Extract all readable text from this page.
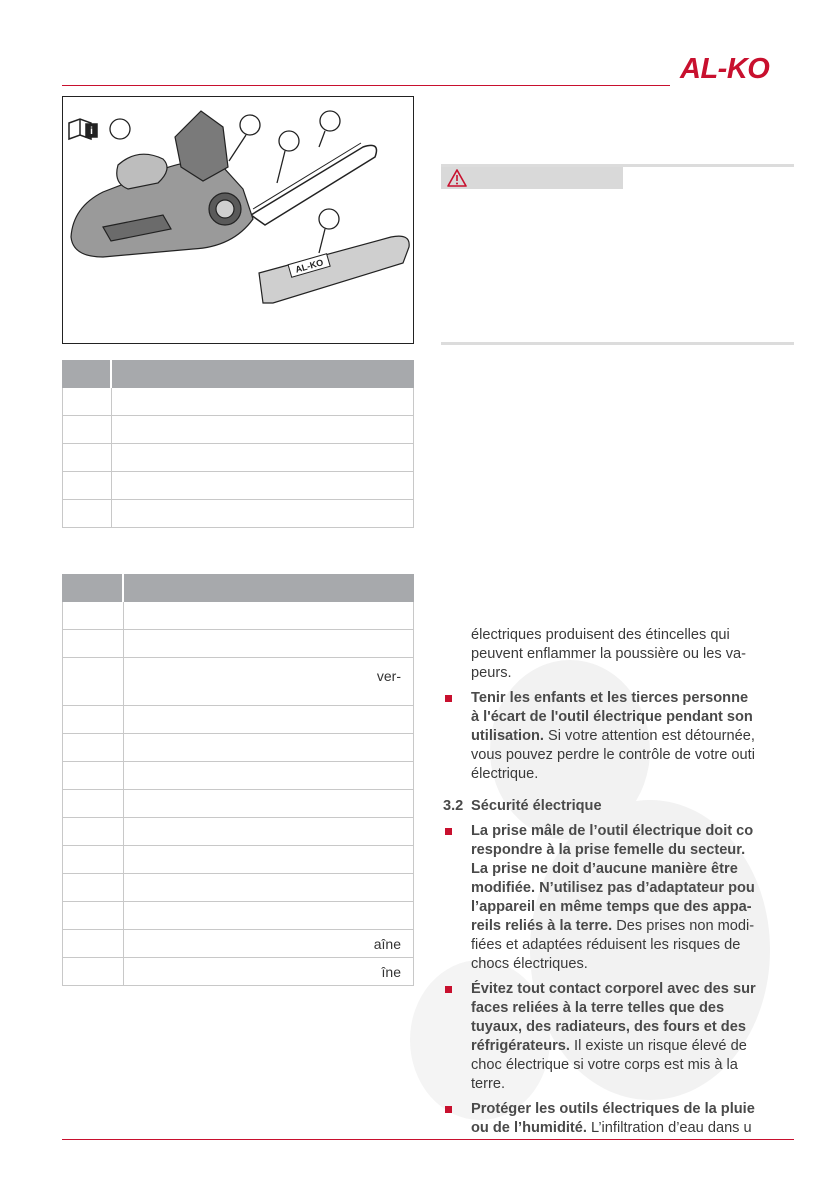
AL-KO
i
AL-KO
ver-
aîne
îne

électriques produisent des étincelles qui

peuvent enflammer la poussière ou les va-

peurs.

Tenir les enfants et les tierces personne
à l'écart de l'outil électrique pendant son
utilisation. Si votre attention est détournée,
vous pouvez perdre le contrôle de votre outi
électrique.

3.2 Sécurité électrique

La prise mâle de l’outil électrique doit co
respondre à la prise femelle du secteur.
La prise ne doit d’aucune manière être
modifiée. N’utilisez pas d’adaptateur pou
l’appareil en même temps que des appa-
reils reliés à la terre. Des prises non modi-
fiées et adaptées réduisent les risques de
chocs électriques.
Évitez tout contact corporel avec des sur
faces reliées à la terre telles que des
tuyaux, des radiateurs, des fours et des
réfrigérateurs. Il existe un risque élevé de
choc électrique si votre corps est mis à la
terre.
Protéger les outils électriques de la pluie
ou de l’humidité. L’infiltration d’eau dans u
